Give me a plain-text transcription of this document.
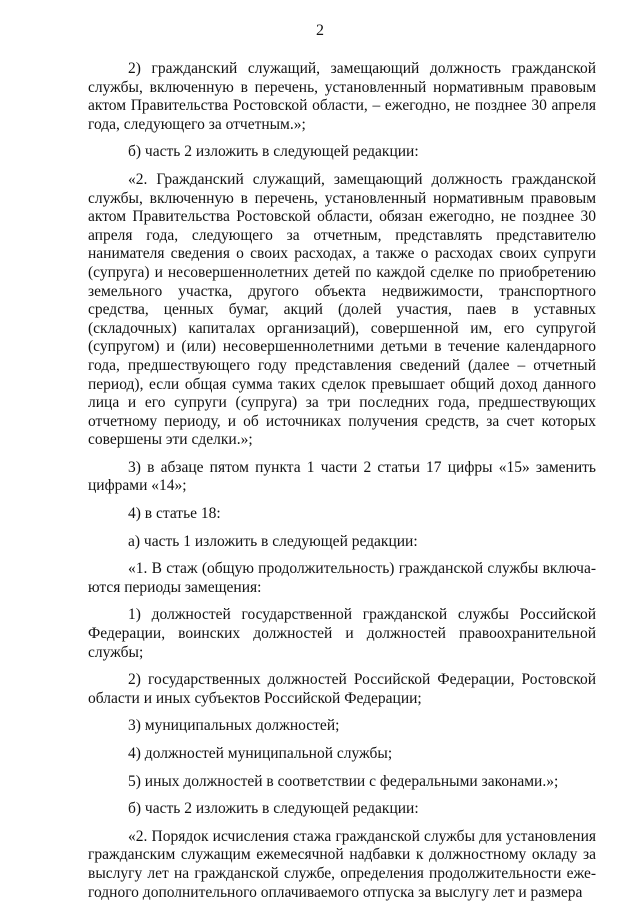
2

2) гражданский служащий, замещающий должность гражданской службы, включенную в перечень, установленный нормативным правовым актом Правительства Ростовской области, – ежегодно, не позднее 30 апреля года, следующего за отчетным.»;

б) часть 2 изложить в следующей редакции:

«2. Гражданский служащий, замещающий должность гражданской службы, включенную в перечень, установленный нормативным правовым актом Правительства Ростовской области, обязан ежегодно, не позднее 30 апреля года, следующего за отчетным, представлять представителю нанимателя сведения о своих расходах, а также о расходах своих супруги (супруга) и несовершеннолетних детей по каждой сделке по приобретению земельного участка, другого объекта недвижимости, транспортного средства, ценных бумаг, акций (долей участия, паев в уставных (складочных) капиталах организаций), совершенной им, его супругой (супругом) и (или) несовершеннолетними детьми в течение календарного года, предшествующего году представления сведений (далее – отчетный период), если общая сумма таких сделок превышает общий доход данного лица и его супруги (супруга) за три последних года, предшествующих отчетному периоду, и об источниках получения средств, за счет которых совершены эти сделки.»;

3) в абзаце пятом пункта 1 части 2 статьи 17 цифры «15» заменить цифрами «14»;

4) в статье 18:

а) часть 1 изложить в следующей редакции:

«1. В стаж (общую продолжительность) гражданской службы включаются периоды замещения:

1) должностей государственной гражданской службы Российской Федерации, воинских должностей и должностей правоохранительной службы;

2) государственных должностей Российской Федерации, Ростовской области и иных субъектов Российской Федерации;

3) муниципальных должностей;

4) должностей муниципальной службы;

5) иных должностей в соответствии с федеральными законами.»;

б) часть 2 изложить в следующей редакции:

«2. Порядок исчисления стажа гражданской службы для установления гражданским служащим ежемесячной надбавки к должностному окладу за выслугу лет на гражданской службе, определения продолжительности ежегодного дополнительного оплачиваемого отпуска за выслугу лет и размера
